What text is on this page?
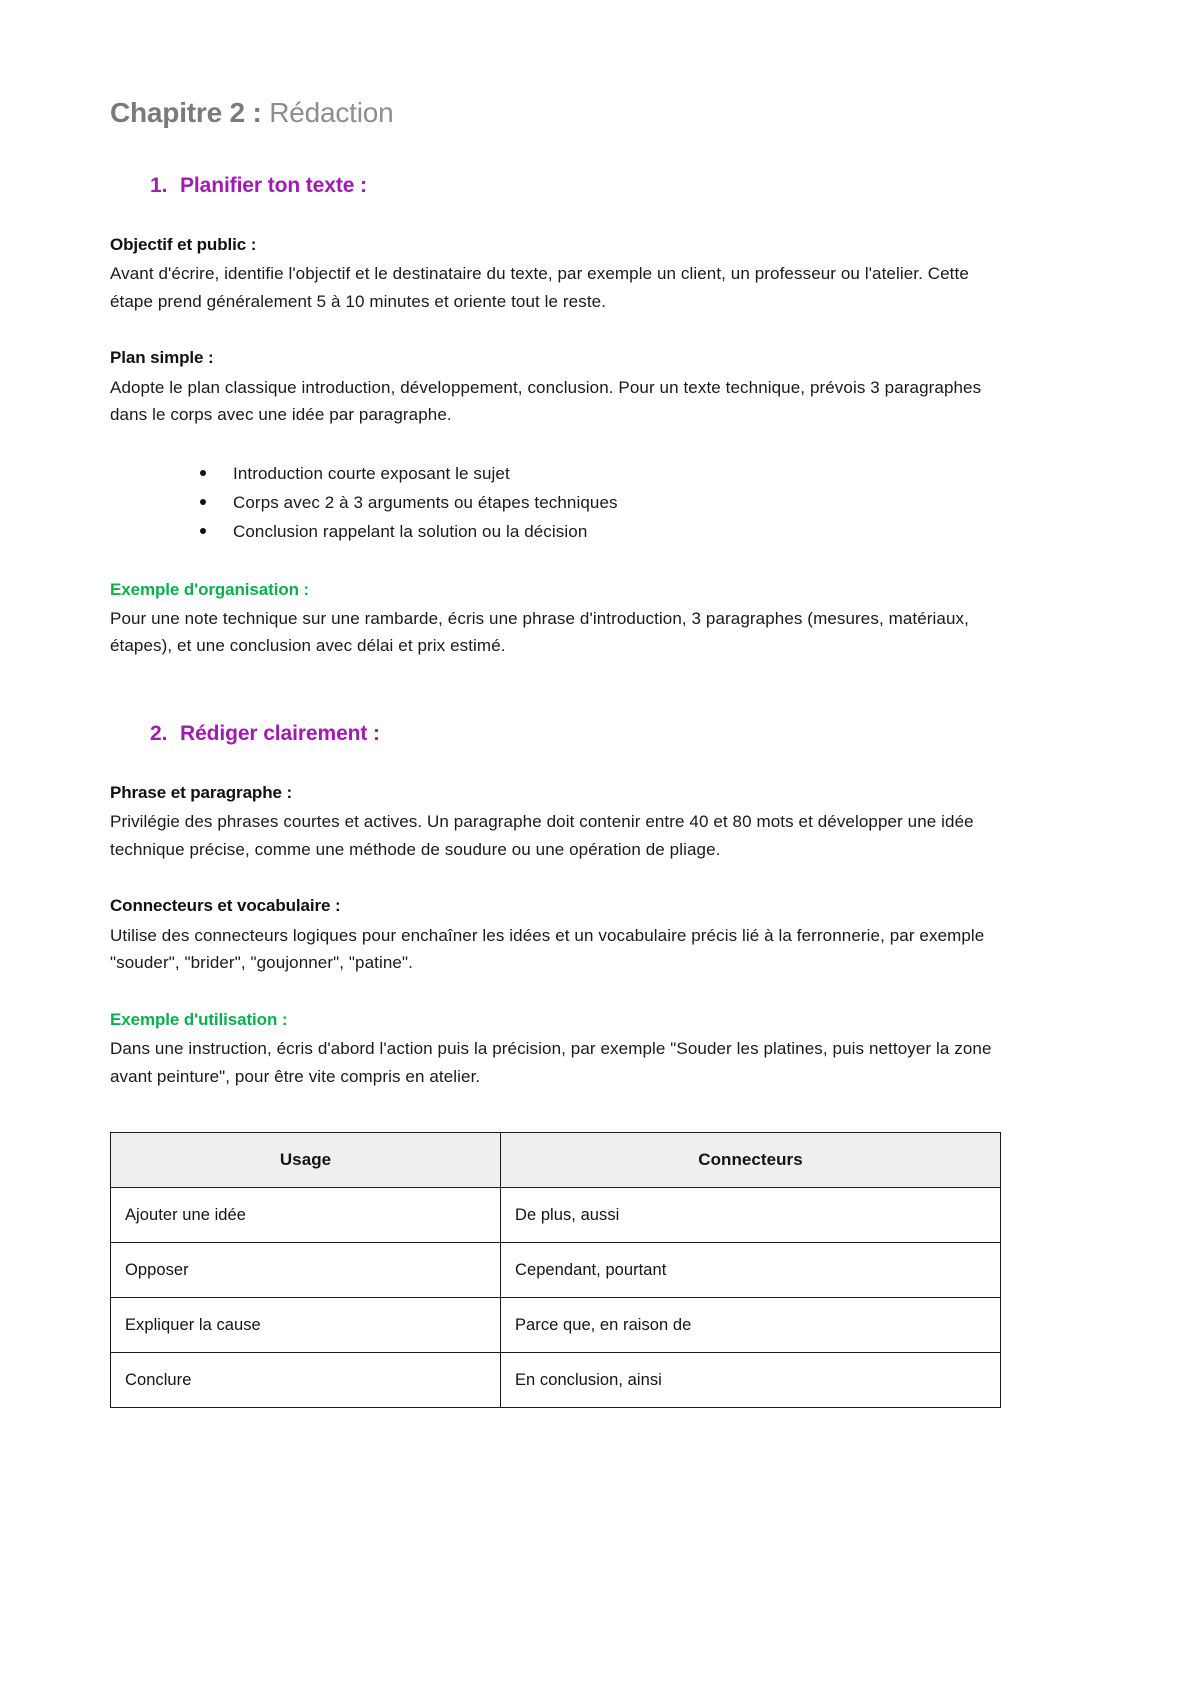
Chapitre 2 : Rédaction
1. Planifier ton texte :

Objectif et public :

Avant d'écrire, identifie l'objectif et le destinataire du texte, par exemple un client, un professeur ou l'atelier. Cette étape prend généralement 5 à 10 minutes et oriente tout le reste.

Plan simple :

Adopte le plan classique introduction, développement, conclusion. Pour un texte technique, prévois 3 paragraphes dans le corps avec une idée par paragraphe.

Introduction courte exposant le sujet
Corps avec 2 à 3 arguments ou étapes techniques
Conclusion rappelant la solution ou la décision

Exemple d'organisation :

Pour une note technique sur une rambarde, écris une phrase d'introduction, 3 paragraphes (mesures, matériaux, étapes), et une conclusion avec délai et prix estimé.

2. Rédiger clairement :

Phrase et paragraphe :

Privilégie des phrases courtes et actives. Un paragraphe doit contenir entre 40 et 80 mots et développer une idée technique précise, comme une méthode de soudure ou une opération de pliage.

Connecteurs et vocabulaire :

Utilise des connecteurs logiques pour enchaîner les idées et un vocabulaire précis lié à la ferronnerie, par exemple "souder", "brider", "goujonner", "patine".

Exemple d'utilisation :

Dans une instruction, écris d'abord l'action puis la précision, par exemple "Souder les platines, puis nettoyer la zone avant peinture", pour être vite compris en atelier.

Usage	Connecteurs
Ajouter une idée	De plus, aussi
Opposer	Cependant, pourtant
Expliquer la cause	Parce que, en raison de
Conclure	En conclusion, ainsi
